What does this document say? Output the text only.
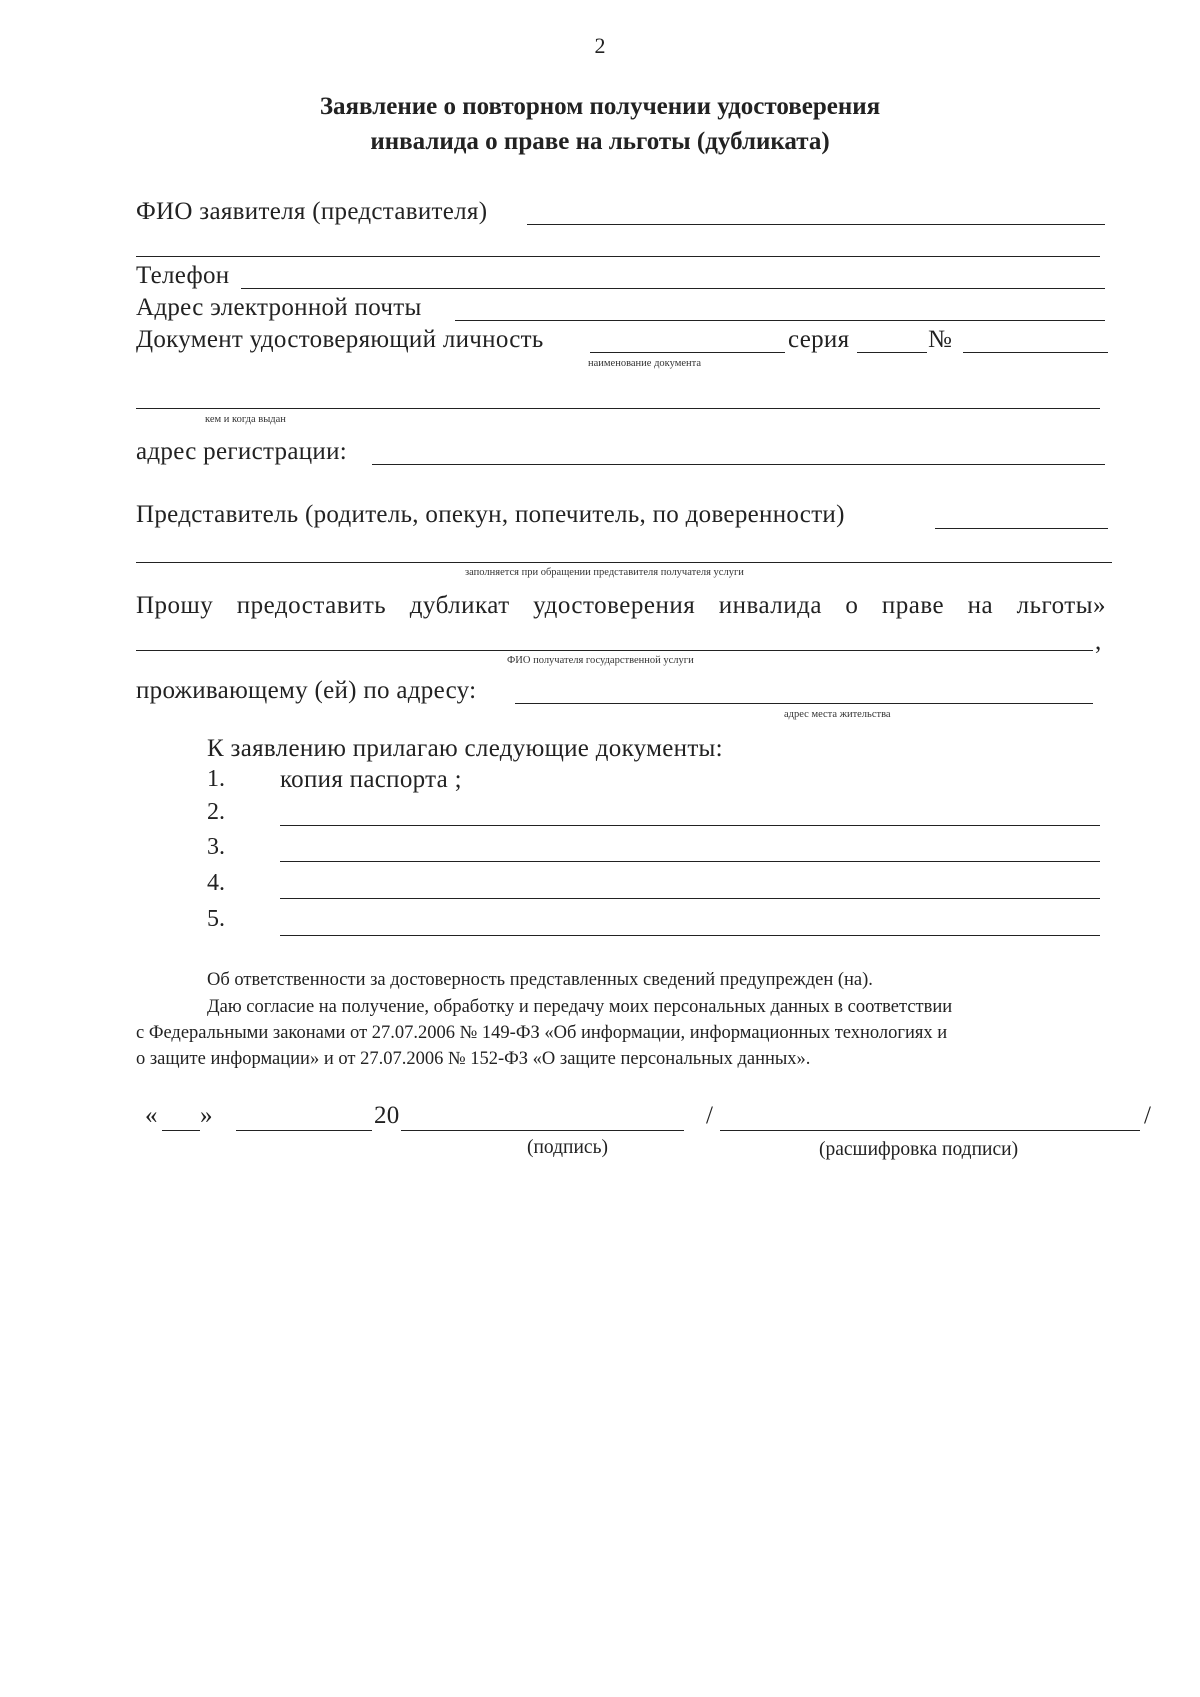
2
Заявление о повторном получении удостоверения
инвалида о праве на льготы (дубликата)
ФИО заявителя (представителя)
Телефон
Адрес электронной почты
Документ удостоверяющий личность	серия	№
наименование документа
кем и когда выдан
адрес регистрации:
Представитель (родитель, опекун, попечитель, по доверенности)
заполняется при обращении представителя получателя услуги
Прошу предоставить дубликат удостоверения инвалида о праве на льготы»
,
ФИО получателя государственной услуги
проживающему (ей) по адресу:
адрес места жительства
К заявлению прилагаю следующие документы:
1. копия паспорта ;
2.
3.
4.
5.
Об ответственности за достоверность представленных сведений предупрежден (на).
Даю согласие на получение, обработку и передачу моих персональных данных в соответствии
с Федеральными законами от 27.07.2006 № 149-ФЗ «Об информации, информационных технологиях и
о защите информации» и от 27.07.2006 № 152-ФЗ «О защите персональных данных».
« »	20	/	/
(подпись)	(расшифровка подписи)
